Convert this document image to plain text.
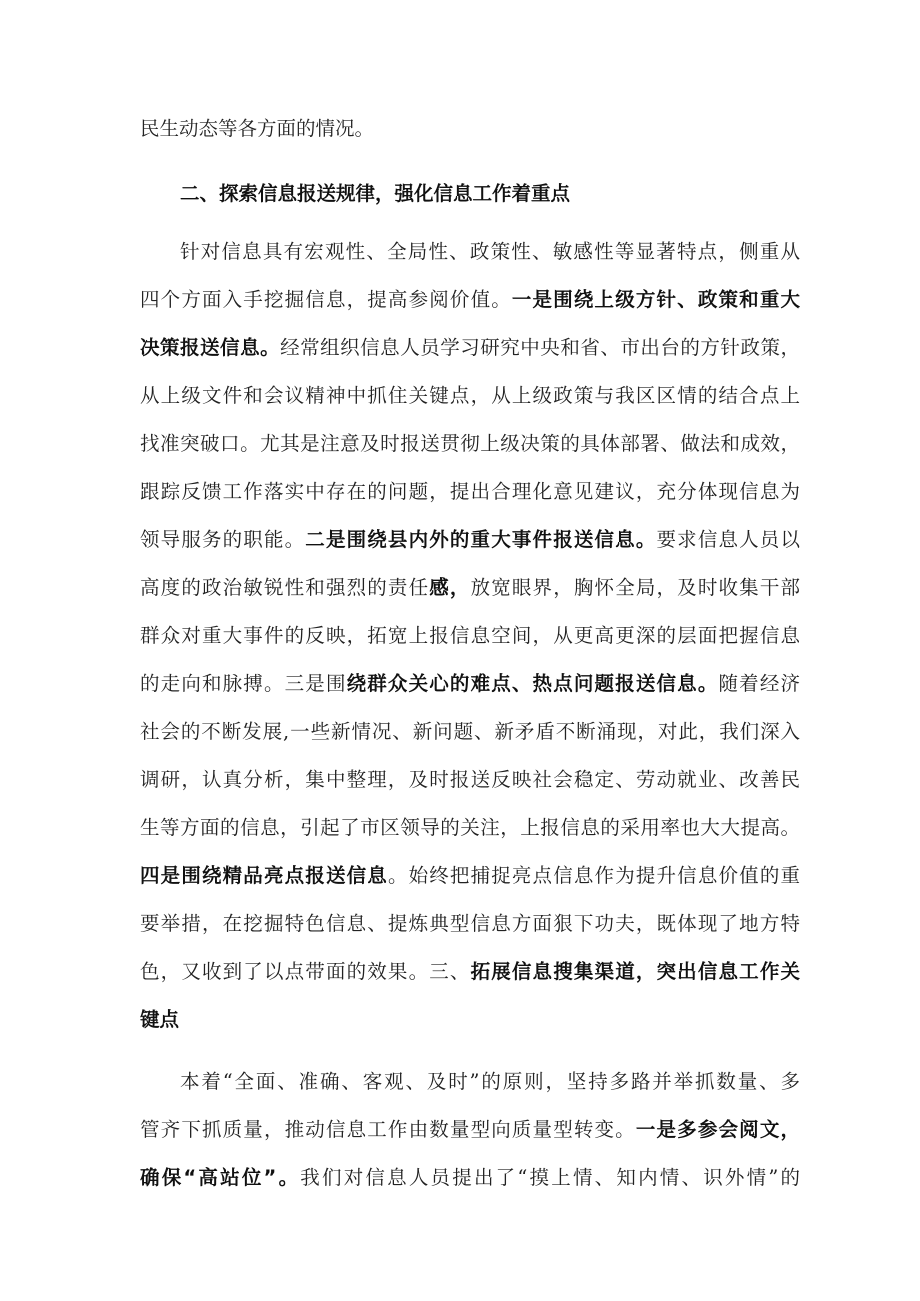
民生动态等各方面的情况。
二、探索信息报送规律，强化信息工作着重点
针对信息具有宏观性、全局性、政策性、敏感性等显著特点，侧重从
四个方面入手挖掘信息，提高参阅价值。一是围绕上级方针、政策和重大
决策报送信息。经常组织信息人员学习研究中央和省、市出台的方针政策，
从上级文件和会议精神中抓住关键点，从上级政策与我区区情的结合点上
找准突破口。尤其是注意及时报送贯彻上级决策的具体部署、做法和成效，
跟踪反馈工作落实中存在的问题，提出合理化意见建议，充分体现信息为
领导服务的职能。二是围绕县内外的重大事件报送信息。要求信息人员以
高度的政治敏锐性和强烈的责任感，放宽眼界，胸怀全局，及时收集干部
群众对重大事件的反映，拓宽上报信息空间，从更高更深的层面把握信息
的走向和脉搏。三是围绕群众关心的难点、热点问题报送信息。随着经济
社会的不断发展,一些新情况、新问题、新矛盾不断涌现，对此，我们深入
调研，认真分析，集中整理，及时报送反映社会稳定、劳动就业、改善民
生等方面的信息，引起了市区领导的关注，上报信息的采用率也大大提高。
四是围绕精品亮点报送信息。始终把捕捉亮点信息作为提升信息价值的重
要举措，在挖掘特色信息、提炼典型信息方面狠下功夫，既体现了地方特
色，又收到了以点带面的效果。三、拓展信息搜集渠道，突出信息工作关
键点
本着“全面、准确、客观、及时”的原则，坚持多路并举抓数量、多
管齐下抓质量，推动信息工作由数量型向质量型转变。一是多参会阅文，
确保“高站位”。我们对信息人员提出了“摸上情、知内情、识外情”的
